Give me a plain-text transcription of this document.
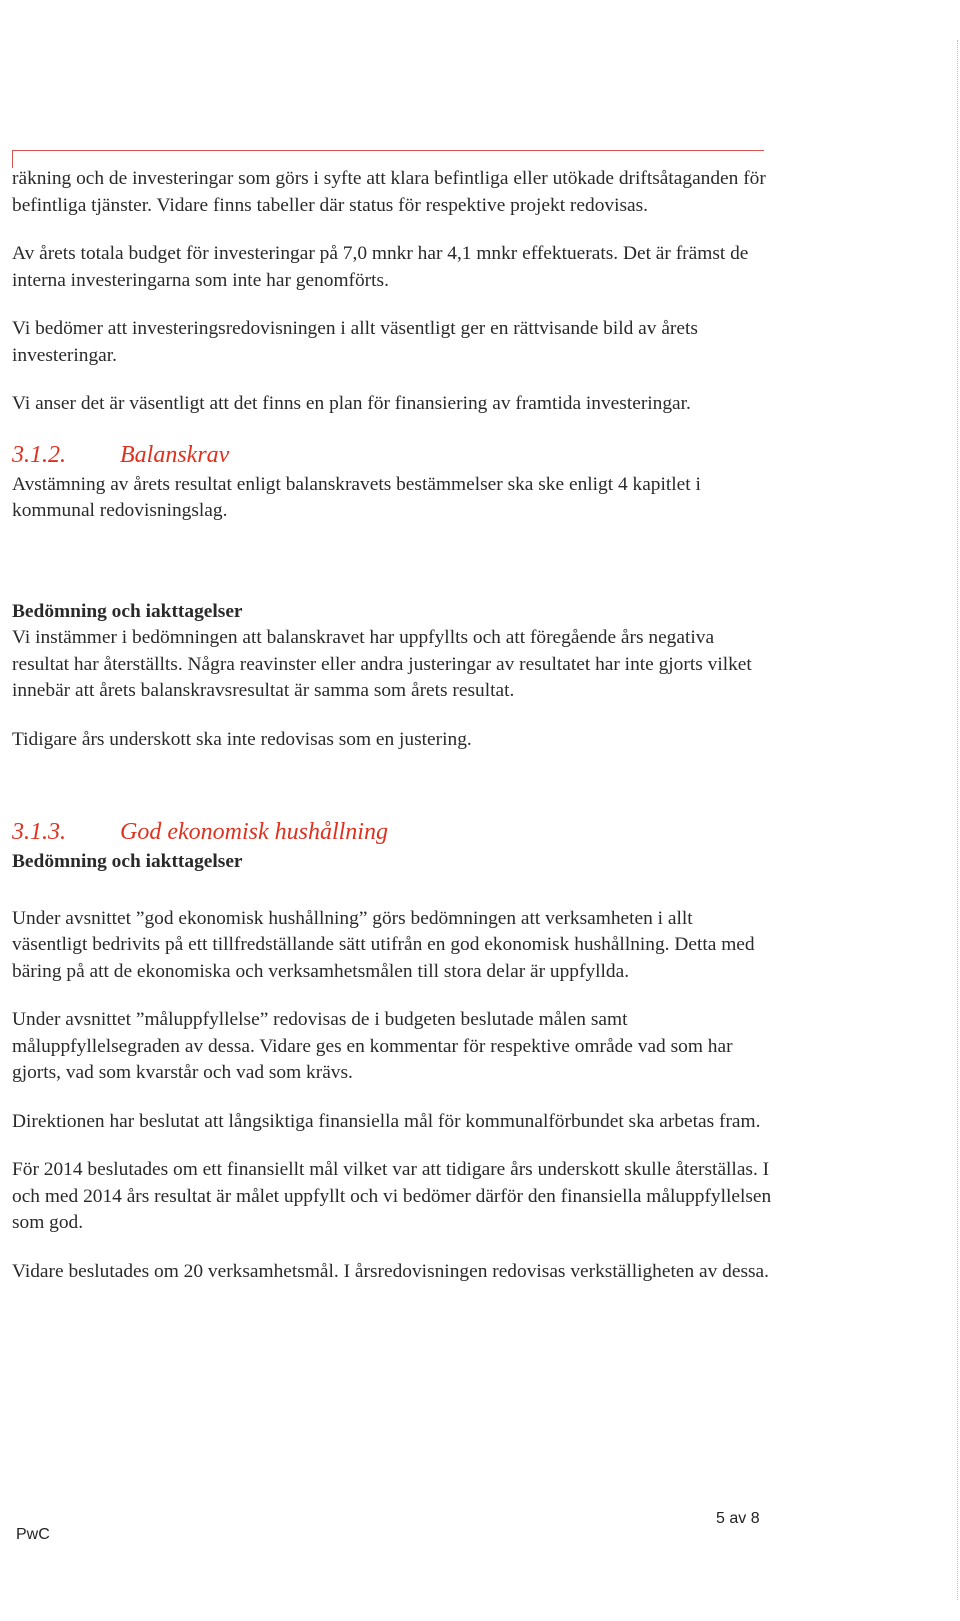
räkning och de investeringar som görs i syfte att klara befintliga eller utökade driftsåtaganden för befintliga tjänster. Vidare finns tabeller där status för respektive projekt redovisas.

Av årets totala budget för investeringar på 7,0 mnkr har 4,1 mnkr effektuerats. Det är främst de interna investeringarna som inte har genomförts.

Vi bedömer att investeringsredovisningen i allt väsentligt ger en rättvisande bild av årets investeringar.

Vi anser det är väsentligt att det finns en plan för finansiering av framtida investeringar.

3.1.2. Balanskrav

Avstämning av årets resultat enligt balanskravets bestämmelser ska ske enligt 4 kapitlet i kommunal redovisningslag.

Bedömning och iakttagelser

Vi instämmer i bedömningen att balanskravet har uppfyllts och att föregående års negativa resultat har återställts. Några reavinster eller andra justeringar av resultatet har inte gjorts vilket innebär att årets balanskravsresultat är samma som årets resultat.

Tidigare års underskott ska inte redovisas som en justering.

3.1.3. God ekonomisk hushållning

Bedömning och iakttagelser

Under avsnittet ”god ekonomisk hushållning” görs bedömningen att verksamheten i allt väsentligt bedrivits på ett tillfredställande sätt utifrån en god ekonomisk hushållning. Detta med bäring på att de ekonomiska och verksamhetsmålen till stora delar är uppfyllda.

Under avsnittet ”måluppfyllelse” redovisas de i budgeten beslutade målen samt måluppfyllelsegraden av dessa. Vidare ges en kommentar för respektive område vad som har gjorts, vad som kvarstår och vad som krävs.

Direktionen har beslutat att långsiktiga finansiella mål för kommunalförbundet ska arbetas fram.

För 2014 beslutades om ett finansiellt mål vilket var att tidigare års underskott skulle återställas. I och med 2014 års resultat är målet uppfyllt och vi bedömer därför den finansiella måluppfyllelsen som god.

Vidare beslutades om 20 verksamhetsmål. I årsredovisningen redovisas verkställigheten av dessa.

PwC
5 av 8
